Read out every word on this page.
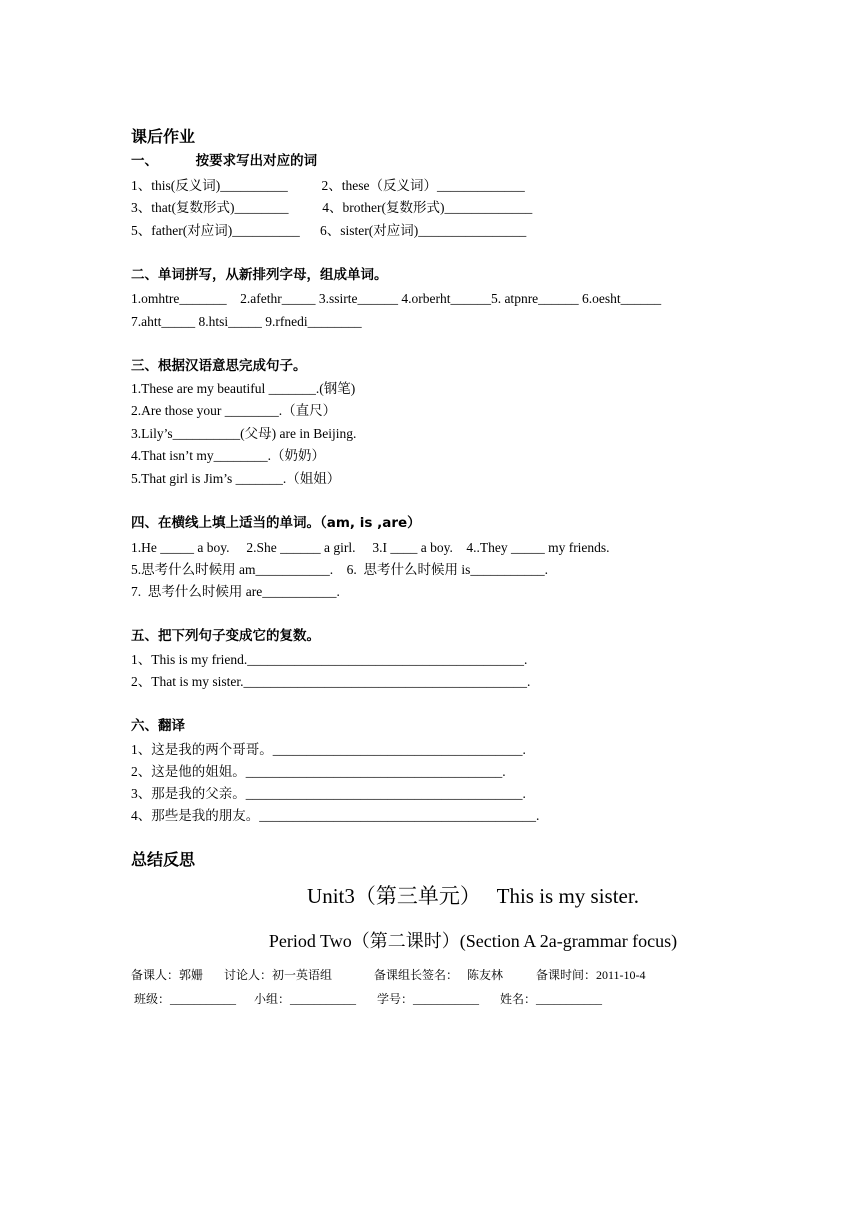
课后作业
一、        按要求写出对应的词
1、this(反义词)__________          2、these（反义词）_____________
3、that(复数形式)________          4、brother(复数形式)_____________
5、father(对应词)__________      6、sister(对应词)________________
二、单词拼写，从新排列字母，组成单词。
1.omhtre_______    2.afethr_____ 3.ssirte______ 4.orberht______5. atpnre______ 6.oesht______
7.ahtt_____ 8.htsi_____ 9.rfnedi________
三、根据汉语意思完成句子。
1.These are my beautiful _______.(钢笔)
2.Are those your ________.（直尺）
3.Lily’s__________(父母) are in Beijing.
4.That isn’t my________.（奶奶）
5.That girl is Jim’s _______.（姐姐）
四、在横线上填上适当的单词。（am, is ,are）
1.He _____ a boy.     2.She ______ a girl.     3.I ____ a boy.    4..They _____ my friends.
5.思考什么时候用 am___________.    6.  思考什么时候用 is___________.
7.  思考什么时候用 are___________.
五、把下列句子变成它的复数。
1、This is my friend._________________________________________.
2、That is my sister.__________________________________________.
六、翻译
1、这是我的两个哥哥。_____________________________________.
2、这是他的姐姐。______________________________________.
3、那是我的父亲。_________________________________________.
4、那些是我的朋友。_________________________________________.
总结反思
Unit3（第三单元）   This is my sister.
Period Two（第二课时）(Section A 2a-grammar focus)
备课人：郭姗       讨论人：初一英语组              备课组长签名：   陈友林           备课时间：2011-10-4
班级：___________      小组：___________       学号：___________       姓名：___________
